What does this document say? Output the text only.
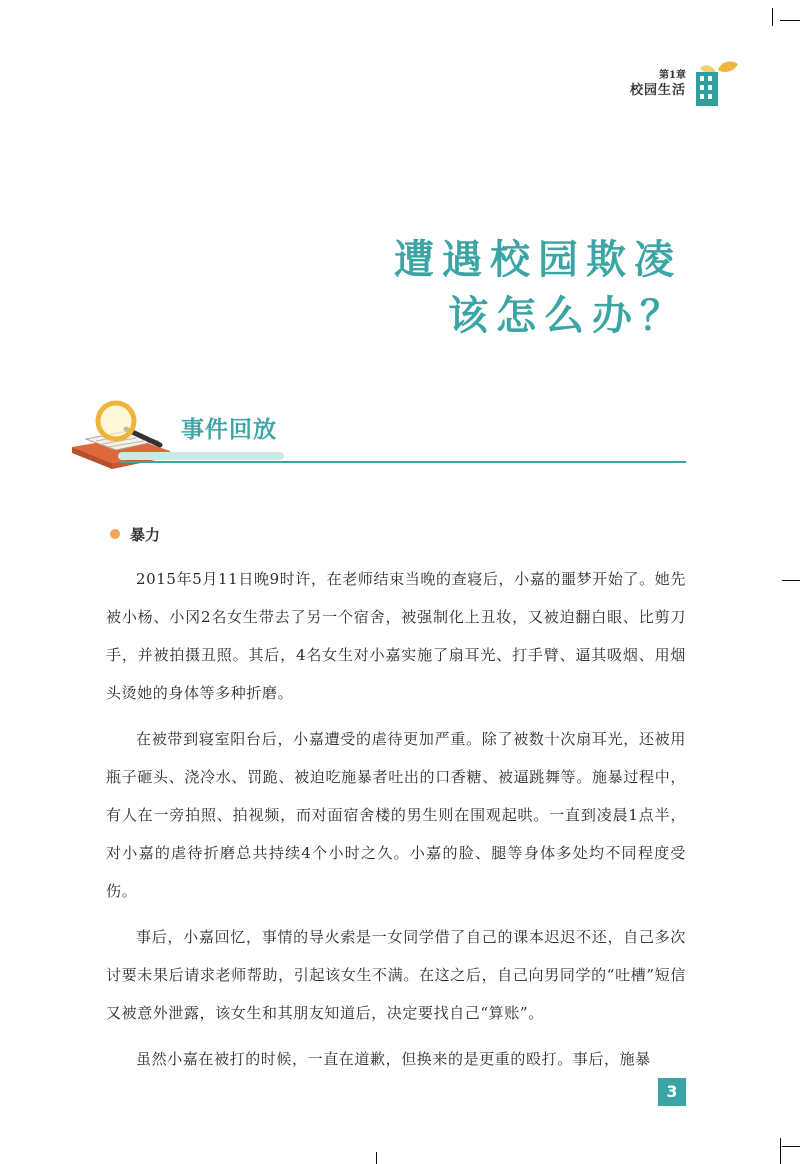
第1章
校园生活
遭遇校园欺凌
该怎么办？
事件回放
暴力

2015年5月11日晚9时许，在老师结束当晚的查寝后，小嘉的噩梦开始了。她先被小杨、小冈2名女生带去了另一个宿舍，被强制化上丑妆，又被迫翻白眼、比剪刀手，并被拍摄丑照。其后，4名女生对小嘉实施了扇耳光、打手臂、逼其吸烟、用烟头烫她的身体等多种折磨。

在被带到寝室阳台后，小嘉遭受的虐待更加严重。除了被数十次扇耳光，还被用瓶子砸头、浇冷水、罚跪、被迫吃施暴者吐出的口香糖、被逼跳舞等。施暴过程中，有人在一旁拍照、拍视频，而对面宿舍楼的男生则在围观起哄。一直到凌晨1点半，对小嘉的虐待折磨总共持续4个小时之久。小嘉的脸、腿等身体多处均不同程度受伤。

事后，小嘉回忆，事情的导火索是一女同学借了自己的课本迟迟不还，自己多次讨要未果后请求老师帮助，引起该女生不满。在这之后，自己向男同学的“吐槽”短信又被意外泄露，该女生和其朋友知道后，决定要找自己“算账”。

虽然小嘉在被打的时候，一直在道歉，但换来的是更重的殴打。事后，施暴

3
